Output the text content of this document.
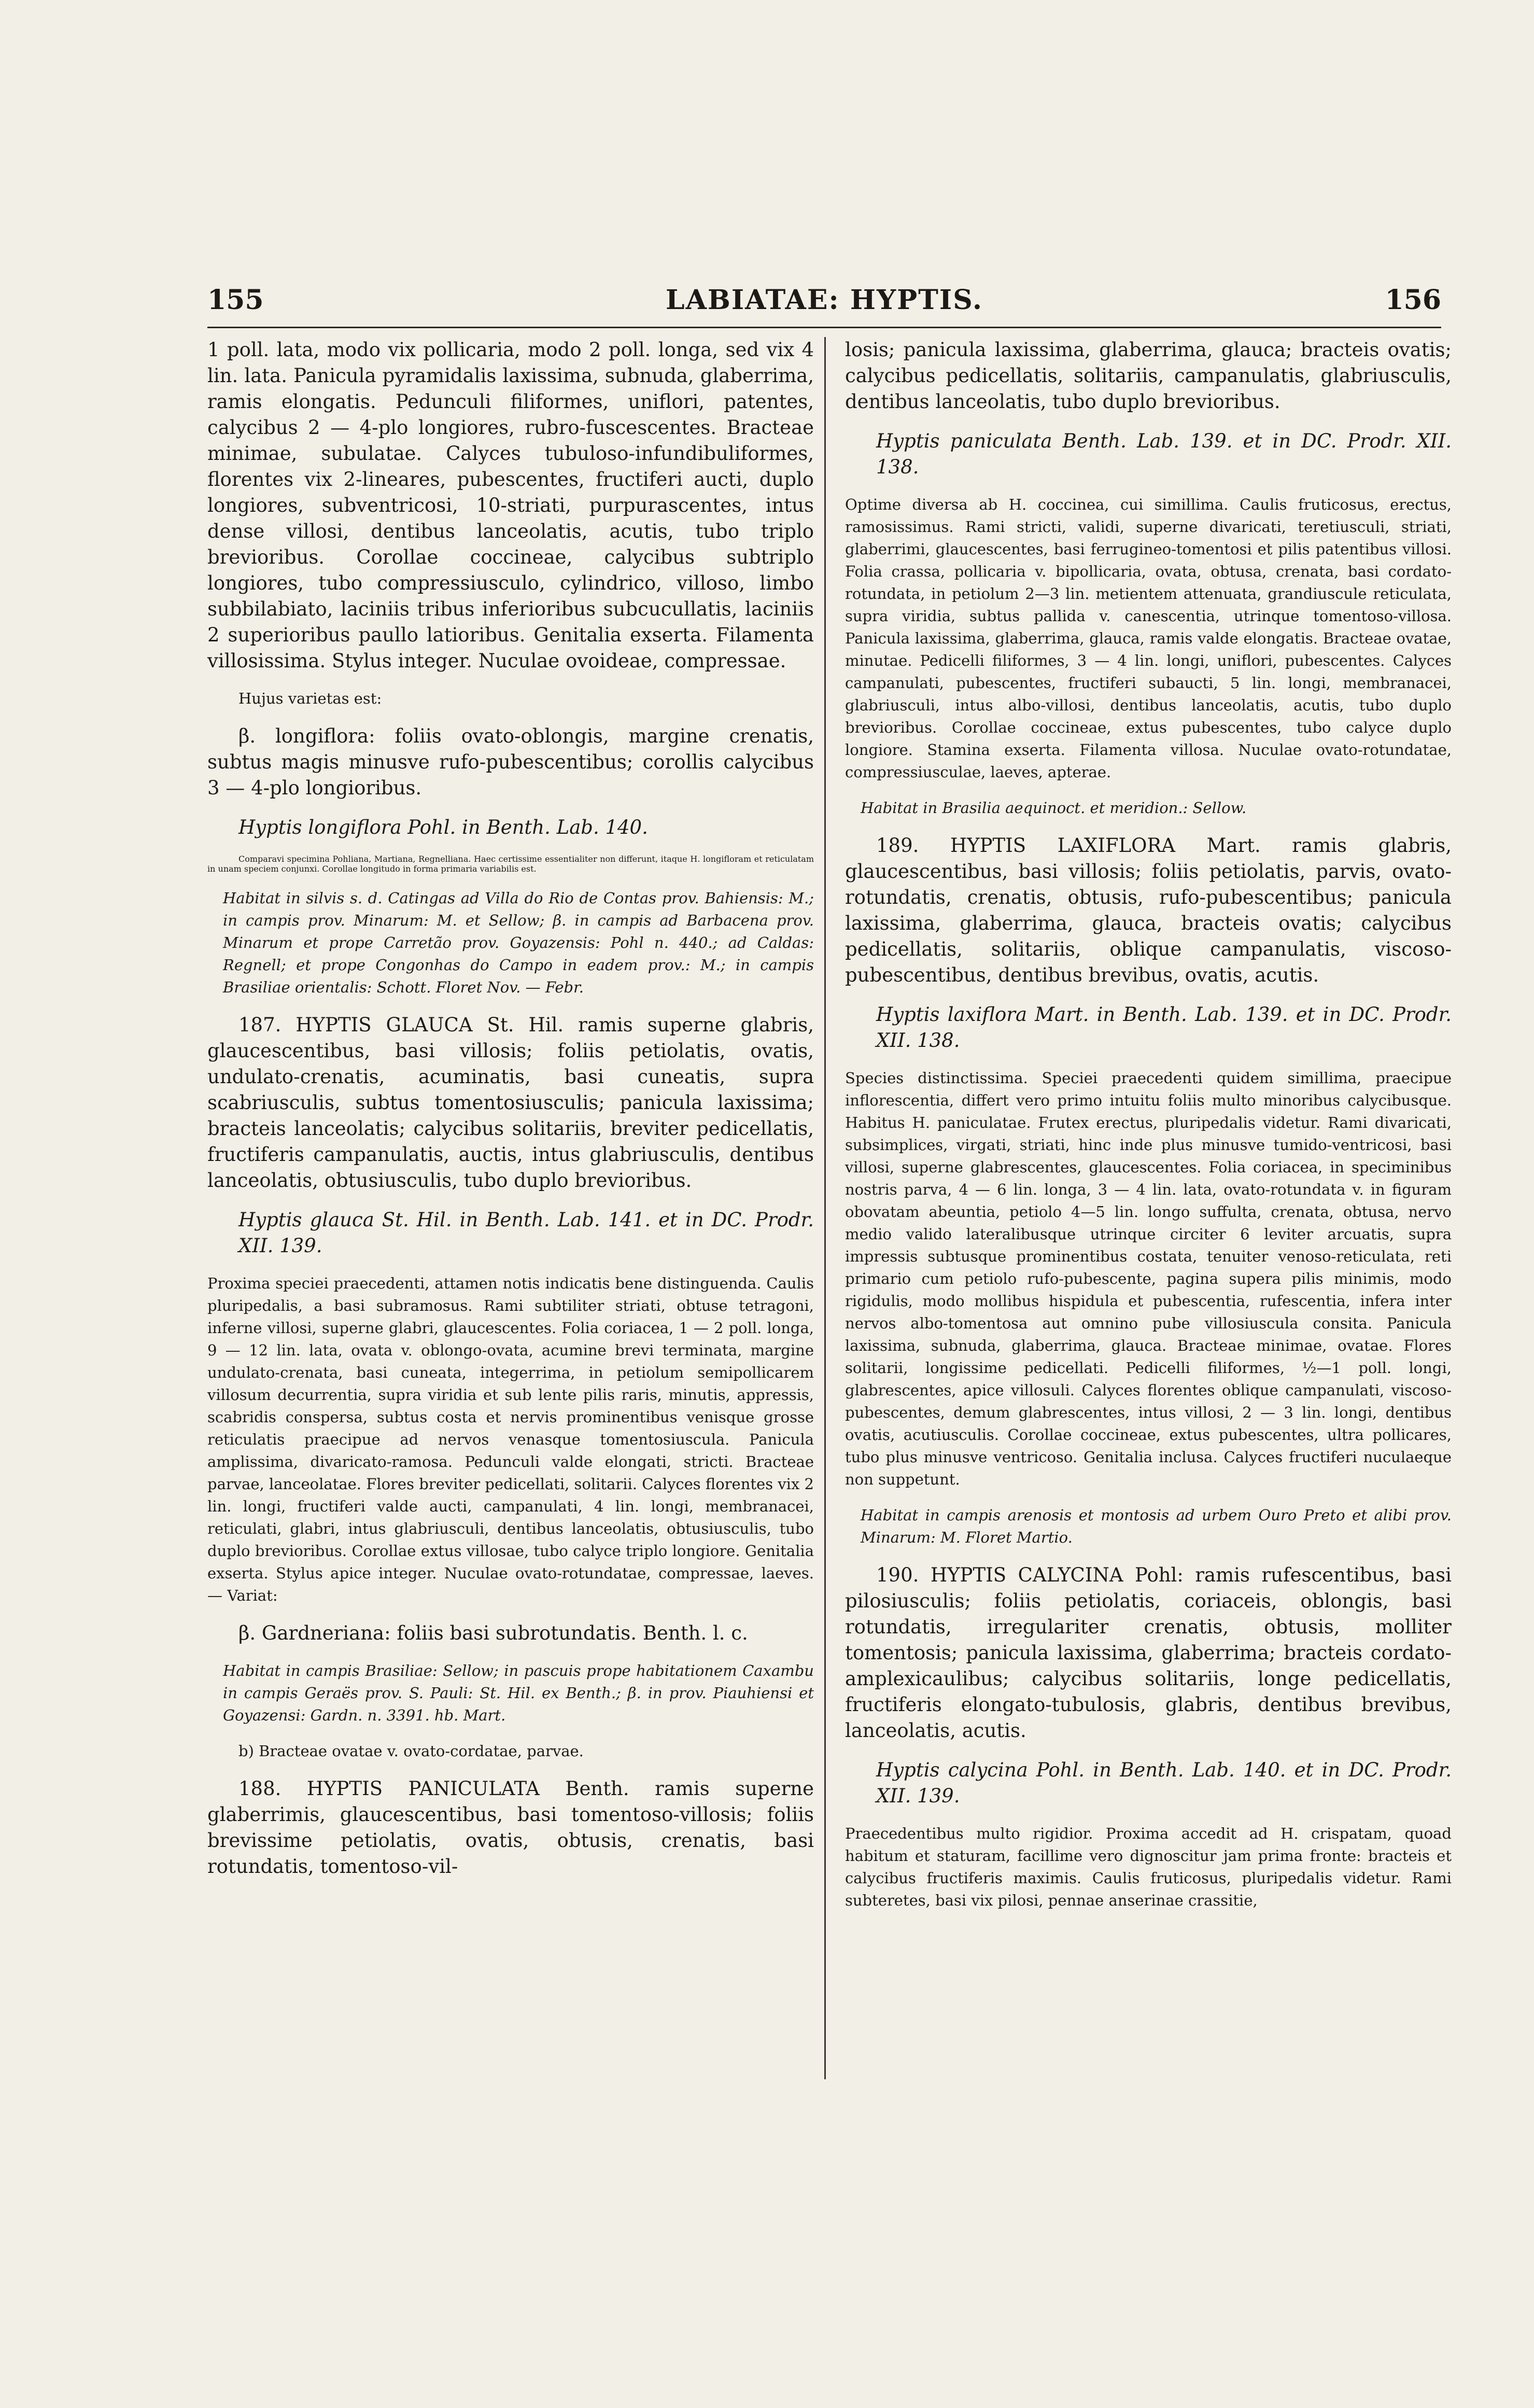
155	LABIATAE: HYPTIS.	156

1 poll. lata, modo vix pollicaria, modo 2 poll. longa, sed vix 4 lin. lata. Panicula pyramidalis laxissima, subnuda, glaberrima, ramis elongatis. Pedunculi filiformes, uniflori, patentes, calycibus 2 — 4-plo longiores, rubro-fuscescentes. Bracteae minimae, subulatae. Calyces tubuloso-infundibuliformes, florentes vix 2-lineares, pubescentes, fructiferi aucti, duplo longiores, subventricosi, 10-striati, purpurascentes, intus dense villosi, dentibus lanceolatis, acutis, tubo triplo brevioribus. Corollae coccineae, calycibus subtriplo longiores, tubo compressiusculo, cylindrico, villoso, limbo subbilabiato, laciniis tribus inferioribus subcucullatis, laciniis 2 superioribus paullo latioribus. Genitalia exserta. Filamenta villosissima. Stylus integer. Nuculae ovoideae, compressae.

Hujus varietas est:

β. longiflora: foliis ovato-oblongis, margine crenatis, subtus magis minusve rufo-pubescentibus; corollis calycibus 3 — 4-plo longioribus.

Hyptis longiflora Pohl. in Benth. Lab. 140.

Comparavi specimina Pohliana, Martiana, Regnelliana. Haec certissime essentialiter non differunt, itaque H. longifloram et reticulatam in unam speciem conjunxi. Corollae longitudo in forma primaria variabilis est.

Habitat in silvis s. d. Catingas ad Villa do Rio de Contas prov. Bahiensis: M.; in campis prov. Minarum: M. et Sellow; β. in campis ad Barbacena prov. Minarum et prope Carretão prov. Goyazensis: Pohl n. 440.; ad Caldas: Regnell; et prope Congonhas do Campo in eadem prov.: M.; in campis Brasiliae orientalis: Schott. Floret Nov. — Febr.

187. HYPTIS GLAUCA St. Hil. ramis superne glabris, glaucescentibus, basi villosis; foliis petiolatis, ovatis, undulato-crenatis, acuminatis, basi cuneatis, supra scabriusculis, subtus tomentosiusculis; panicula laxissima; bracteis lanceolatis; calycibus solitariis, breviter pedicellatis, fructiferis campanulatis, auctis, intus glabriusculis, dentibus lanceolatis, obtusiusculis, tubo duplo brevioribus.

Hyptis glauca St. Hil. in Benth. Lab. 141. et in DC. Prodr. XII. 139.

Proxima speciei praecedenti, attamen notis indicatis bene distinguenda. Caulis pluripedalis, a basi subramosus. Rami subtiliter striati, obtuse tetragoni, inferne villosi, superne glabri, glaucescentes. Folia coriacea, 1 — 2 poll. longa, 9 — 12 lin. lata, ovata v. oblongo-ovata, acumine brevi terminata, margine undulato-crenata, basi cuneata, integerrima, in petiolum semipollicarem villosum decurrentia, supra viridia et sub lente pilis raris, minutis, appressis, scabridis conspersa, subtus costa et nervis prominentibus venisque grosse reticulatis praecipue ad nervos venasque tomentosiuscula. Panicula amplissima, divaricato-ramosa. Pedunculi valde elongati, stricti. Bracteae parvae, lanceolatae. Flores breviter pedicellati, solitarii. Calyces florentes vix 2 lin. longi, fructiferi valde aucti, campanulati, 4 lin. longi, membranacei, reticulati, glabri, intus glabriusculi, dentibus lanceolatis, obtusiusculis, tubo duplo brevioribus. Corollae extus villosae, tubo calyce triplo longiore. Genitalia exserta. Stylus apice integer. Nuculae ovato-rotundatae, compressae, laeves. — Variat:

β. Gardneriana: foliis basi subrotundatis. Benth. l. c.

Habitat in campis Brasiliae: Sellow; in pascuis prope habitationem Caxambu in campis Geraës prov. S. Pauli: St. Hil. ex Benth.; β. in prov. Piauhiensi et Goyazensi: Gardn. n. 3391. hb. Mart.

b) Bracteae ovatae v. ovato-cordatae, parvae.

188. HYPTIS PANICULATA Benth. ramis superne glaberrimis, glaucescentibus, basi tomentoso-villosis; foliis brevissime petiolatis, ovatis, obtusis, crenatis, basi rotundatis, tomentoso-vil-

losis; panicula laxissima, glaberrima, glauca; bracteis ovatis; calycibus pedicellatis, solitariis, campanulatis, glabriusculis, dentibus lanceolatis, tubo duplo brevioribus.

Hyptis paniculata Benth. Lab. 139. et in DC. Prodr. XII. 138.

Optime diversa ab H. coccinea, cui simillima. Caulis fruticosus, erectus, ramosissimus. Rami stricti, validi, superne divaricati, teretiusculi, striati, glaberrimi, glaucescentes, basi ferrugineo-tomentosi et pilis patentibus villosi. Folia crassa, pollicaria v. bipollicaria, ovata, obtusa, crenata, basi cordato-rotundata, in petiolum 2—3 lin. metientem attenuata, grandiuscule reticulata, supra viridia, subtus pallida v. canescentia, utrinque tomentoso-villosa. Panicula laxissima, glaberrima, glauca, ramis valde elongatis. Bracteae ovatae, minutae. Pedicelli filiformes, 3 — 4 lin. longi, uniflori, pubescentes. Calyces campanulati, pubescentes, fructiferi subaucti, 5 lin. longi, membranacei, glabriusculi, intus albo-villosi, dentibus lanceolatis, acutis, tubo duplo brevioribus. Corollae coccineae, extus pubescentes, tubo calyce duplo longiore. Stamina exserta. Filamenta villosa. Nuculae ovato-rotundatae, compressiusculae, laeves, apterae.

Habitat in Brasilia aequinoct. et meridion.: Sellow.

189. HYPTIS LAXIFLORA Mart. ramis glabris, glaucescentibus, basi villosis; foliis petiolatis, parvis, ovato-rotundatis, crenatis, obtusis, rufo-pubescentibus; panicula laxissima, glaberrima, glauca, bracteis ovatis; calycibus pedicellatis, solitariis, oblique campanulatis, viscoso-pubescentibus, dentibus brevibus, ovatis, acutis.

Hyptis laxiflora Mart. in Benth. Lab. 139. et in DC. Prodr. XII. 138.

Species distinctissima. Speciei praecedenti quidem simillima, praecipue inflorescentia, differt vero primo intuitu foliis multo minoribus calycibusque. Habitus H. paniculatae. Frutex erectus, pluripedalis videtur. Rami divaricati, subsimplices, virgati, striati, hinc inde plus minusve tumido-ventricosi, basi villosi, superne glabrescentes, glaucescentes. Folia coriacea, in speciminibus nostris parva, 4 — 6 lin. longa, 3 — 4 lin. lata, ovato-rotundata v. in figuram obovatam abeuntia, petiolo 4—5 lin. longo suffulta, crenata, obtusa, nervo medio valido lateralibusque utrinque circiter 6 leviter arcuatis, supra impressis subtusque prominentibus costata, tenuiter venoso-reticulata, reti primario cum petiolo rufo-pubescente, pagina supera pilis minimis, modo rigidulis, modo mollibus hispidula et pubescentia, rufescentia, infera inter nervos albo-tomentosa aut omnino pube villosiuscula consita. Panicula laxissima, subnuda, glaberrima, glauca. Bracteae minimae, ovatae. Flores solitarii, longissime pedicellati. Pedicelli filiformes, ½—1 poll. longi, glabrescentes, apice villosuli. Calyces florentes oblique campanulati, viscoso-pubescentes, demum glabrescentes, intus villosi, 2 — 3 lin. longi, dentibus ovatis, acutiusculis. Corollae coccineae, extus pubescentes, ultra pollicares, tubo plus minusve ventricoso. Genitalia inclusa. Calyces fructiferi nuculaeque non suppetunt.

Habitat in campis arenosis et montosis ad urbem Ouro Preto et alibi prov. Minarum: M. Floret Martio.

190. HYPTIS CALYCINA Pohl: ramis rufescentibus, basi pilosiusculis; foliis petiolatis, coriaceis, oblongis, basi rotundatis, irregulariter crenatis, obtusis, molliter tomentosis; panicula laxissima, glaberrima; bracteis cordato-amplexicaulibus; calycibus solitariis, longe pedicellatis, fructiferis elongato-tubulosis, glabris, dentibus brevibus, lanceolatis, acutis.

Hyptis calycina Pohl. in Benth. Lab. 140. et in DC. Prodr. XII. 139.

Praecedentibus multo rigidior. Proxima accedit ad H. crispatam, quoad habitum et staturam, facillime vero dignoscitur jam prima fronte: bracteis et calycibus fructiferis maximis. Caulis fruticosus, pluripedalis videtur. Rami subteretes, basi vix pilosi, pennae anserinae crassitie,
